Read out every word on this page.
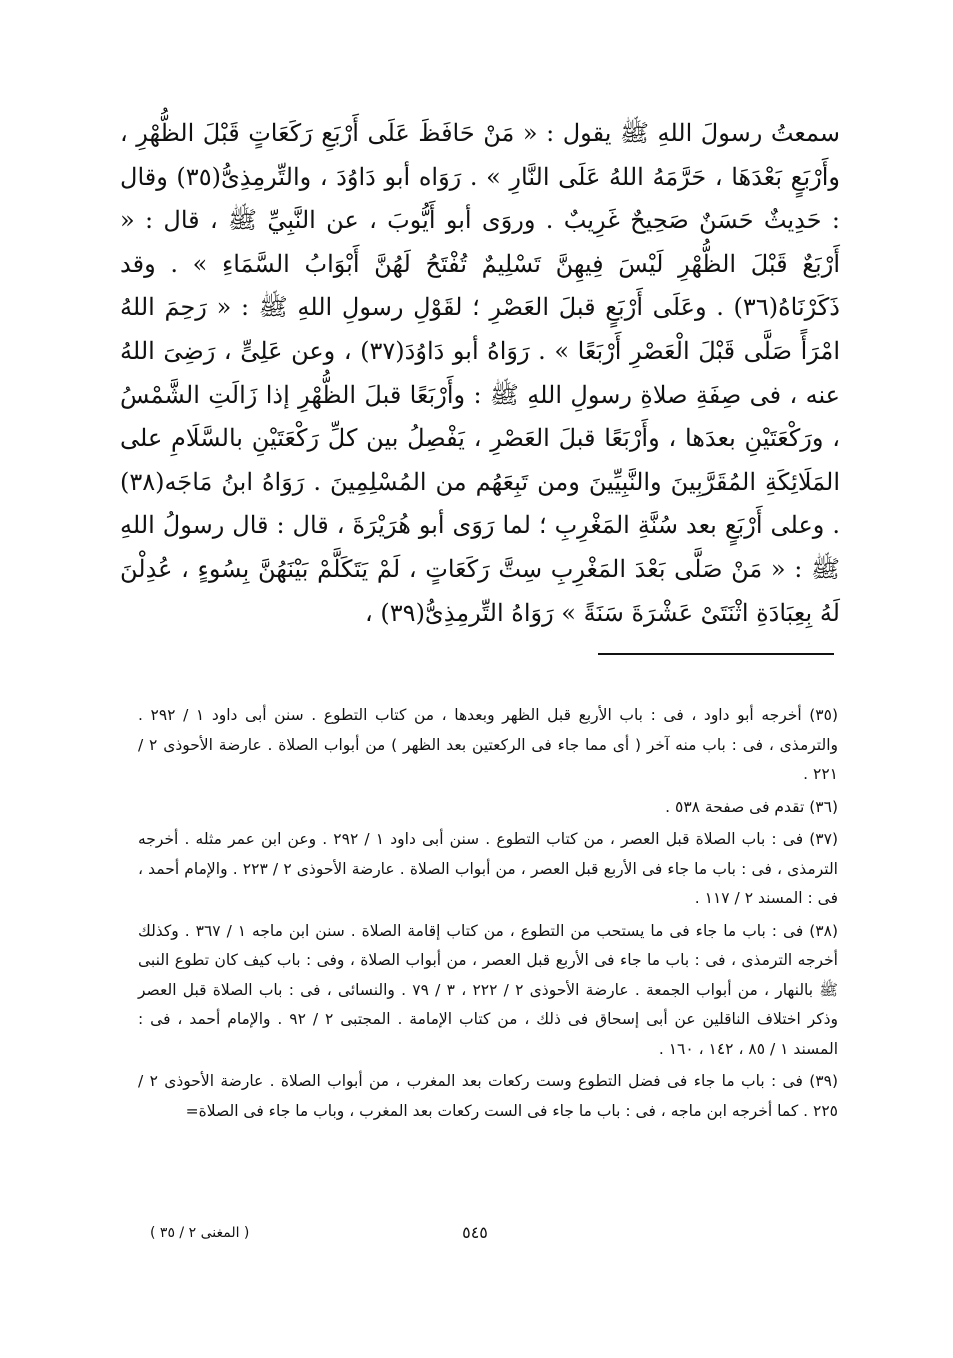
سمعتُ رسولَ اللهِ ﷺ يقول : « مَنْ حَافَظَ عَلَى أَرْبَعِ رَكَعَاتٍ قَبْلَ الظُّهْرِ ، وأَرْبَعٍ بَعْدَهَا ، حَرَّمَهُ اللهُ عَلَى النَّارِ » . رَوَاه أبو دَاوُدَ ، والتِّرمِذِىُّ(٣٥) وقال : حَدِيثٌ حَسَنٌ صَحِيحٌ غَرِيبٌ . وروَى أبو أَيُّوبَ ، عن النَّبِيِّ ﷺ ، قال : « أَرْبَعٌ قَبْلَ الظُّهْرِ لَيْسَ فِيهِنَّ تَسْلِيمٌ تُفْتَحُ لَهُنَّ أَبْوَابُ السَّمَاءِ » . وقد ذَكَرْنَاهُ(٣٦) . وعَلَى أَرْبَعٍ قبلَ العَصْرِ ؛ لقَوْلِ رسولِ اللهِ ﷺ : « رَحِمَ اللهُ امْرَأً صَلَّى قَبْلَ الْعَصْرِ أَرْبَعًا » . رَوَاهُ أبو دَاوُدَ(٣٧) ، وعن عَلِىٍّ ، رَضِىَ اللهُ عنه ، فى صِفَةِ صلاةِ رسولِ اللهِ ﷺ : وأَرْبَعًا قبلَ الظُّهْرِ إذا زَالَتِ الشَّمْسُ ، ورَكْعَتَيْنِ بعدَها ، وأَرْبَعًا قبلَ العَصْرِ ، يَفْصِلُ بين كلِّ رَكْعَتَيْنِ بالسَّلَامِ على المَلَائِكَةِ المُقَرَّبِينَ والنَّبِيِّينَ ومن تَبِعَهُم من المُسْلِمِينَ . رَوَاهُ ابنُ مَاجَه(٣٨) . وعلى أَرْبَعٍ بعد سُنَّةِ المَغْرِبِ ؛ لما رَوَى أبو هُرَيْرَةَ ، قال : قال رسولُ اللهِ ﷺ : « مَنْ صَلَّى بَعْدَ المَغْرِبِ سِتَّ رَكَعَاتٍ ، لَمْ يَتَكَلَّمْ بَيْنَهُنَّ بِسُوءٍ ، عُدِلْنَ لَهُ بِعِبَادَةِ اثْنَتَىْ عَشْرَةَ سَنَةً » رَوَاهُ التِّرمِذِىُّ(٣٩) ،

(٣٥) أخرجه أبو داود ، فى : باب الأربع قبل الظهر وبعدها ، من كتاب التطوع . سنن أبى داود ١ / ٢٩٢ . والترمذى ، فى : باب منه آخر ( أى مما جاء فى الركعتين بعد الظهر ) من أبواب الصلاة . عارضة الأحوذى ٢ / ٢٢١ .

(٣٦) تقدم فى صفحة ٥٣٨ .

(٣٧) فى : باب الصلاة قبل العصر ، من كتاب التطوع . سنن أبى داود ١ / ٢٩٢ . وعن ابن عمر مثله . أخرجه الترمذى ، فى : باب ما جاء فى الأربع قبل العصر ، من أبواب الصلاة . عارضة الأحوذى ٢ / ٢٢٣ . والإمام أحمد ، فى : المسند ٢ / ١١٧ .

(٣٨) فى : باب ما جاء فى ما يستحب من التطوع ، من كتاب إقامة الصلاة . سنن ابن ماجه ١ / ٣٦٧ . وكذلك أخرجه الترمذى ، فى : باب ما جاء فى الأربع قبل العصر ، من أبواب الصلاة ، وفى : باب كيف كان تطوع النبى ﷺ بالنهار ، من أبواب الجمعة . عارضة الأحوذى ٢ / ٢٢٢ ، ٣ / ٧٩ . والنسائى ، فى : باب الصلاة قبل العصر وذكر اختلاف الناقلين عن أبى إسحاق فى ذلك ، من كتاب الإمامة . المجتبى ٢ / ٩٢ . والإمام أحمد ، فى : المسند ١ / ٨٥ ، ١٤٢ ، ١٦٠ .

(٣٩) فى : باب ما جاء فى فضل التطوع وست ركعات بعد المغرب ، من أبواب الصلاة . عارضة الأحوذى ٢ / ٢٢٥ . كما أخرجه ابن ماجه ، فى : باب ما جاء فى الست ركعات بعد المغرب ، وباب ما جاء فى الصلاة=

٥٤٥
( المغنى ٢ / ٣٥ )
